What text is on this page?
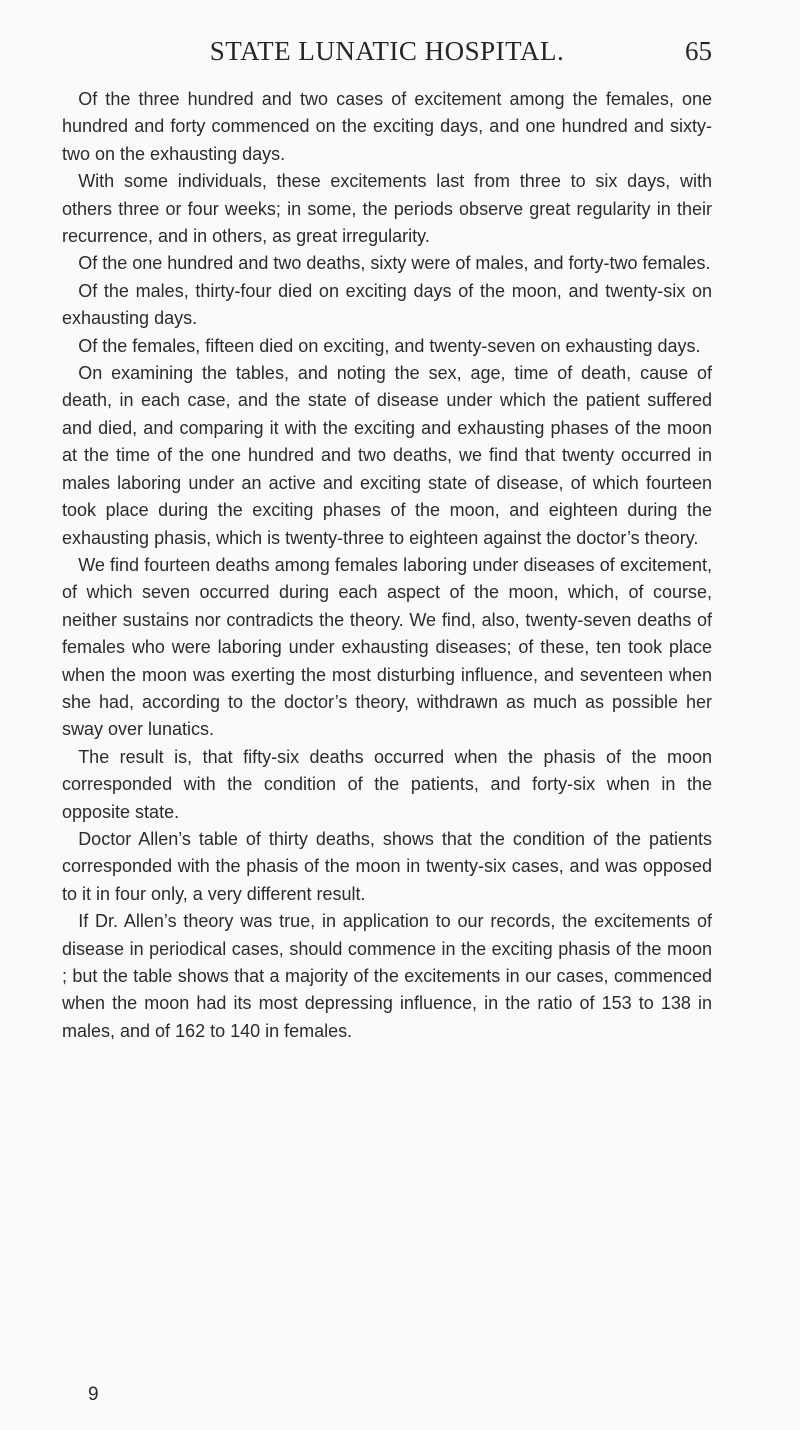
STATE LUNATIC HOSPITAL.	65

Of the three hundred and two cases of excitement among the females, one hundred and forty commenced on the exciting days, and one hundred and sixty-two on the exhausting days.

With some individuals, these excitements last from three to six days, with others three or four weeks; in some, the periods observe great regularity in their recurrence, and in others, as great irregularity.

Of the one hundred and two deaths, sixty were of males, and forty-two females.

Of the males, thirty-four died on exciting days of the moon, and twenty-six on exhausting days.

Of the females, fifteen died on exciting, and twenty-seven on exhausting days.

On examining the tables, and noting the sex, age, time of death, cause of death, in each case, and the state of disease under which the patient suffered and died, and comparing it with the exciting and exhausting phases of the moon at the time of the one hundred and two deaths, we find that twenty occurred in males laboring under an active and exciting state of disease, of which fourteen took place during the exciting phases of the moon, and eighteen during the exhausting phasis, which is twenty-three to eighteen against the doctor’s theory.

We find fourteen deaths among females laboring under diseases of excitement, of which seven occurred during each aspect of the moon, which, of course, neither sustains nor contradicts the theory. We find, also, twenty-seven deaths of females who were laboring under exhausting diseases; of these, ten took place when the moon was exerting the most disturbing influence, and seventeen when she had, according to the doctor’s theory, withdrawn as much as possible her sway over lunatics.

The result is, that fifty-six deaths occurred when the phasis of the moon corresponded with the condition of the patients, and forty-six when in the opposite state.

Doctor Allen’s table of thirty deaths, shows that the condition of the patients corresponded with the phasis of the moon in twenty-six cases, and was opposed to it in four only, a very different result.

If Dr. Allen’s theory was true, in application to our records, the excitements of disease in periodical cases, should commence in the exciting phasis of the moon ; but the table shows that a majority of the excitements in our cases, commenced when the moon had its most depressing influence, in the ratio of 153 to 138 in males, and of 162 to 140 in females.

9
